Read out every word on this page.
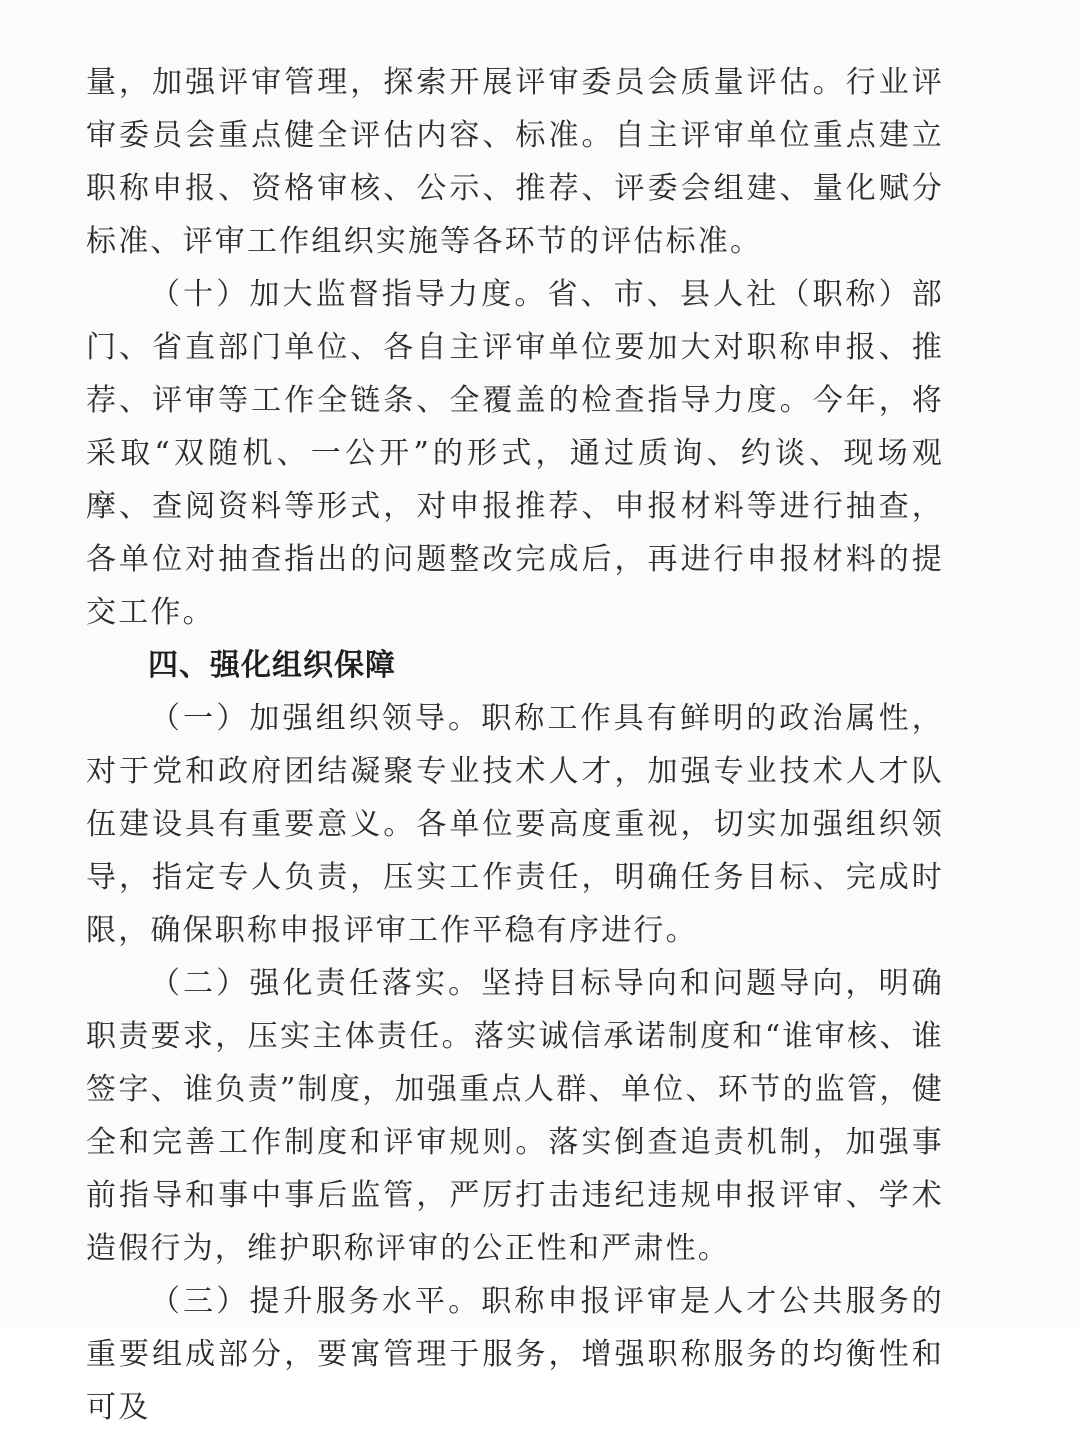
量，加强评审管理，探索开展评审委员会质量评估。行业评审委员会重点健全评估内容、标准。自主评审单位重点建立职称申报、资格审核、公示、推荐、评委会组建、量化赋分标准、评审工作组织实施等各环节的评估标准。

（十）加大监督指导力度。省、市、县人社（职称）部门、省直部门单位、各自主评审单位要加大对职称申报、推荐、评审等工作全链条、全覆盖的检查指导力度。今年，将采取“双随机、一公开”的形式，通过质询、约谈、现场观摩、查阅资料等形式，对申报推荐、申报材料等进行抽查，各单位对抽查指出的问题整改完成后，再进行申报材料的提交工作。

四、强化组织保障

（一）加强组织领导。职称工作具有鲜明的政治属性，对于党和政府团结凝聚专业技术人才，加强专业技术人才队伍建设具有重要意义。各单位要高度重视，切实加强组织领导，指定专人负责，压实工作责任，明确任务目标、完成时限，确保职称申报评审工作平稳有序进行。

（二）强化责任落实。坚持目标导向和问题导向，明确职责要求，压实主体责任。落实诚信承诺制度和“谁审核、谁签字、谁负责”制度，加强重点人群、单位、环节的监管，健全和完善工作制度和评审规则。落实倒查追责机制，加强事前指导和事中事后监管，严厉打击违纪违规申报评审、学术造假行为，维护职称评审的公正性和严肃性。

（三）提升服务水平。职称申报评审是人才公共服务的重要组成部分，要寓管理于服务，增强职称服务的均衡性和可及
